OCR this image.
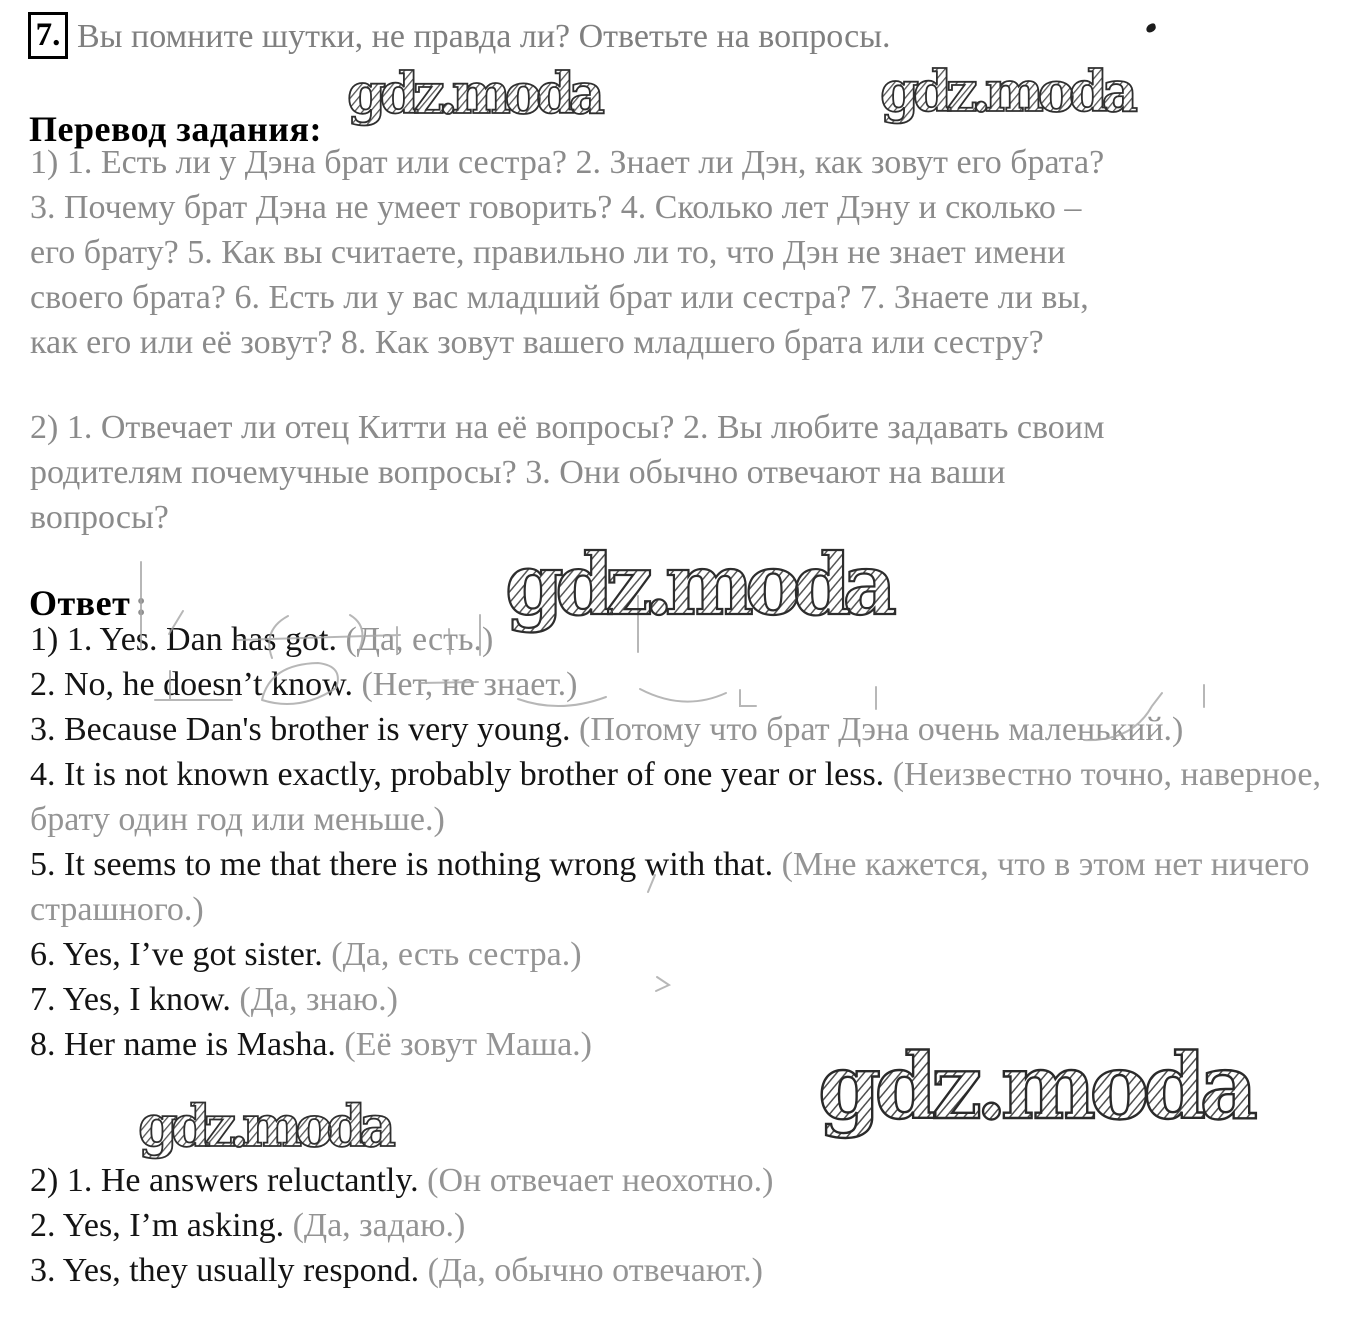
7. Вы помните шутки, не правда ли? Ответьте на вопросы.
Перевод задания:
gdz.moda	gdz.moda
1) 1. Есть ли у Дэна брат или сестра? 2. Знает ли Дэн, как зовут его брата?
3. Почему брат Дэна не умеет говорить? 4. Сколько лет Дэну и сколько –
его брату? 5. Как вы считаете, правильно ли то, что Дэн не знает имени
своего брата? 6. Есть ли у вас младший брат или сестра? 7. Знаете ли вы,
как его или её зовут? 8. Как зовут вашего младшего брата или сестру?
2) 1. Отвечает ли отец Китти на её вопросы? 2. Вы любите задавать своим
родителям почемучные вопросы? 3. Они обычно отвечают на ваши
вопросы?
Ответ :	gdz.moda
1) 1. Yes. Dan has got. (Да, есть.)
2. No, he doesn’t know. (Нет, не знает.)
3. Because Dan's brother is very young. (Потому что брат Дэна очень маленький.)
4. It is not known exactly, probably brother of one year or less. (Неизвестно точно, наверное, брату один год или меньше.)
5. It seems to me that there is nothing wrong with that. (Мне кажется, что в этом нет ничего страшного.)
6. Yes, I’ve got sister. (Да, есть сестра.)
7. Yes, I know. (Да, знаю.)
8. Her name is Masha. (Её зовут Маша.)
gdz.moda	gdz.moda
2) 1. He answers reluctantly. (Он отвечает неохотно.)
2. Yes, I’m asking. (Да, задаю.)
3. Yes, they usually respond. (Да, обычно отвечают.)
